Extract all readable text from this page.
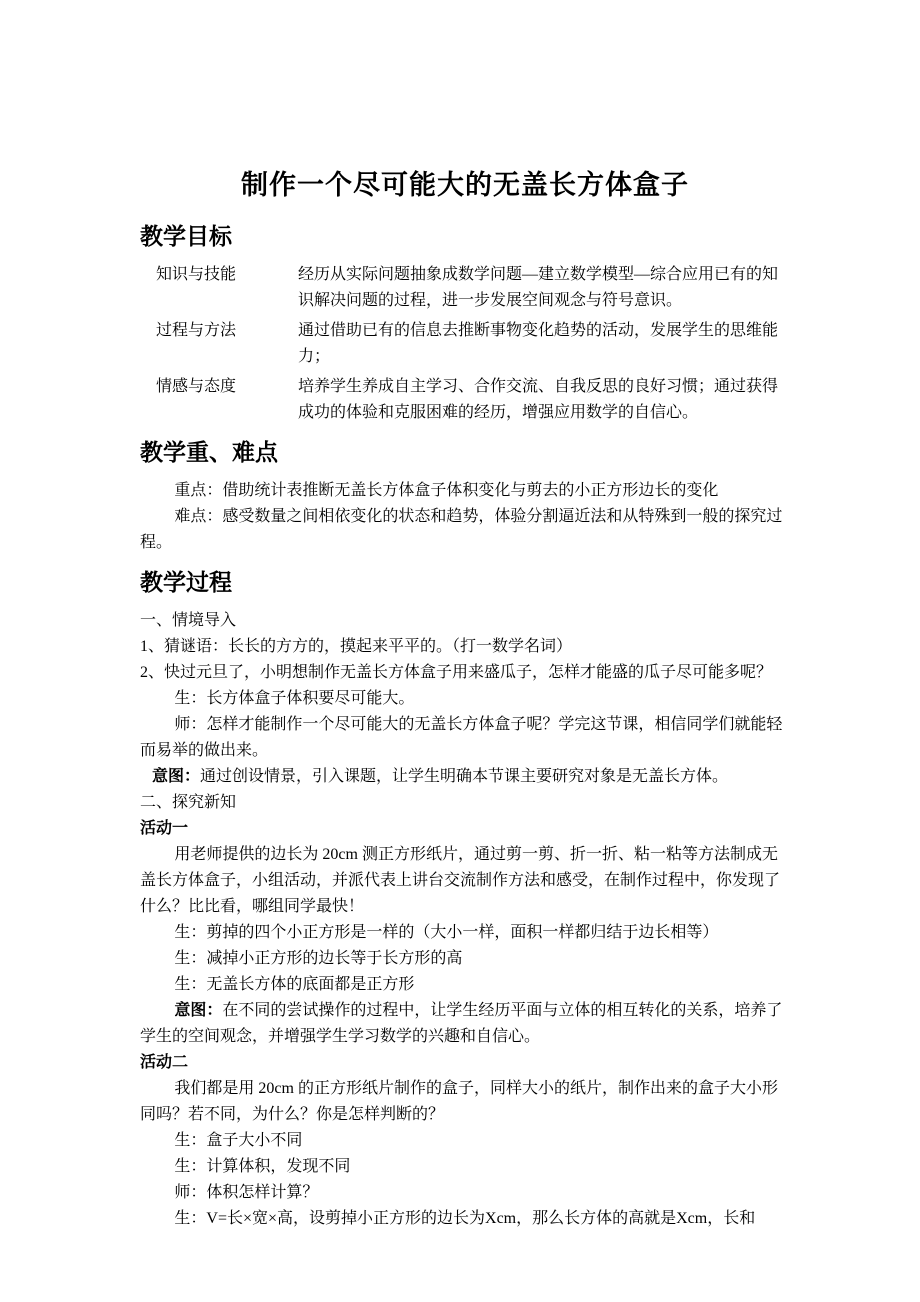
制作一个尽可能大的无盖长方体盒子
教学目标
知识与技能	经历从实际问题抽象成数学问题—建立数学模型—综合应用已有的知识解决问题的过程，进一步发展空间观念与符号意识。
过程与方法	通过借助已有的信息去推断事物变化趋势的活动，发展学生的思维能力；
情感与态度	培养学生养成自主学习、合作交流、自我反思的良好习惯；通过获得成功的体验和克服困难的经历，增强应用数学的自信心。
教学重、难点

重点：借助统计表推断无盖长方体盒子体积变化与剪去的小正方形边长的变化

难点：感受数量之间相依变化的状态和趋势，体验分割逼近法和从特殊到一般的探究过程。

教学过程

一、情境导入

1、猜谜语：长长的方方的，摸起来平平的。（打一数学名词）

2、快过元旦了，小明想制作无盖长方体盒子用来盛瓜子，怎样才能盛的瓜子尽可能多呢？

生：长方体盒子体积要尽可能大。

师：怎样才能制作一个尽可能大的无盖长方体盒子呢？学完这节课，相信同学们就能轻而易举的做出来。

意图：通过创设情景，引入课题，让学生明确本节课主要研究对象是无盖长方体。

二、探究新知

活动一

用老师提供的边长为 20cm 测正方形纸片，通过剪一剪、折一折、粘一粘等方法制成无盖长方体盒子，小组活动，并派代表上讲台交流制作方法和感受，在制作过程中，你发现了什么？比比看，哪组同学最快！

生：剪掉的四个小正方形是一样的（大小一样，面积一样都归结于边长相等）

生：减掉小正方形的边长等于长方形的高

生：无盖长方体的底面都是正方形

意图：在不同的尝试操作的过程中，让学生经历平面与立体的相互转化的关系，培养了学生的空间观念，并增强学生学习数学的兴趣和自信心。

活动二

我们都是用 20cm 的正方形纸片制作的盒子，同样大小的纸片，制作出来的盒子大小形同吗？若不同，为什么？你是怎样判断的？

生：盒子大小不同

生：计算体积，发现不同

师：体积怎样计算？

生：V=长×宽×高，设剪掉小正方形的边长为Xcm，那么长方体的高就是Xcm，长和
